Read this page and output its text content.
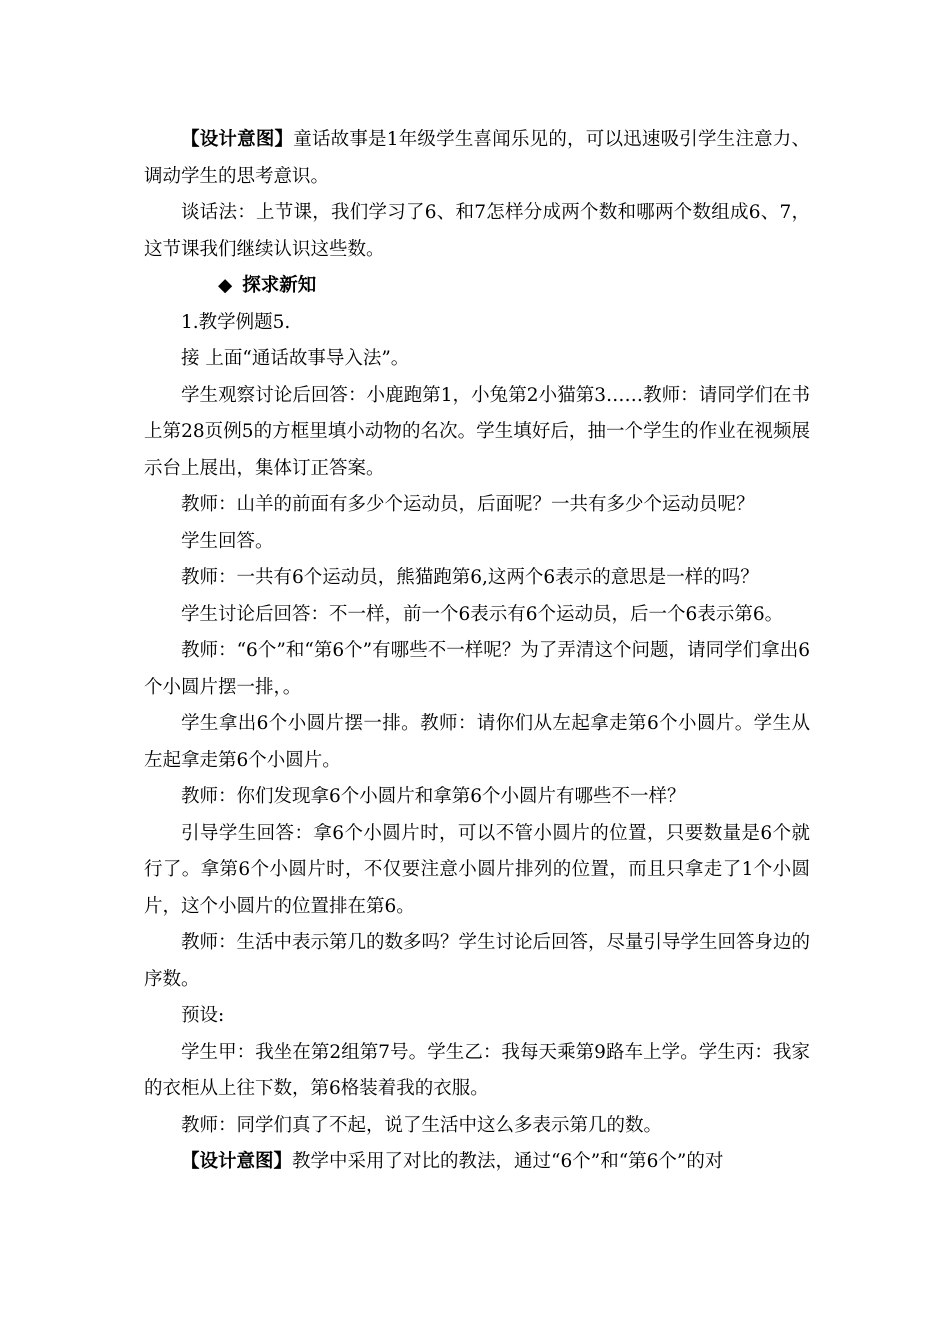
【设计意图】童话故事是1年级学生喜闻乐见的，可以迅速吸引学生注意力、调动学生的思考意识。

谈话法：上节课，我们学习了6、和7怎样分成两个数和哪两个数组成6、7，这节课我们继续认识这些数。

◆ 探求新知

1.教学例题5.

接 上面“通话故事导入法”。

学生观察讨论后回答：小鹿跑第1，小兔第2小猫第3……教师：请同学们在书上第28页例5的方框里填小动物的名次。学生填好后，抽一个学生的作业在视频展示台上展出，集体订正答案。

教师：山羊的前面有多少个运动员，后面呢？一共有多少个运动员呢？

学生回答。

教师：一共有6个运动员，熊猫跑第6,这两个6表示的意思是一样的吗？

学生讨论后回答：不一样，前一个6表示有6个运动员，后一个6表示第6。

教师：“6个”和“第6个”有哪些不一样呢？为了弄清这个问题，请同学们拿出6个小圆片摆一排，。

学生拿出6个小圆片摆一排。教师：请你们从左起拿走第6个小圆片。学生从左起拿走第6个小圆片。

教师：你们发现拿6个小圆片和拿第6个小圆片有哪些不一样？

引导学生回答：拿6个小圆片时，可以不管小圆片的位置，只要数量是6个就行了。拿第6个小圆片时，不仅要注意小圆片排列的位置，而且只拿走了1个小圆片，这个小圆片的位置排在第6。

教师：生活中表示第几的数多吗？学生讨论后回答，尽量引导学生回答身边的序数。

预设:

学生甲：我坐在第2组第7号。学生乙：我每天乘第9路车上学。学生丙：我家的衣柜从上往下数，第6格装着我的衣服。

教师：同学们真了不起，说了生活中这么多表示第几的数。

【设计意图】教学中采用了对比的教法，通过“6个”和“第6个”的对
